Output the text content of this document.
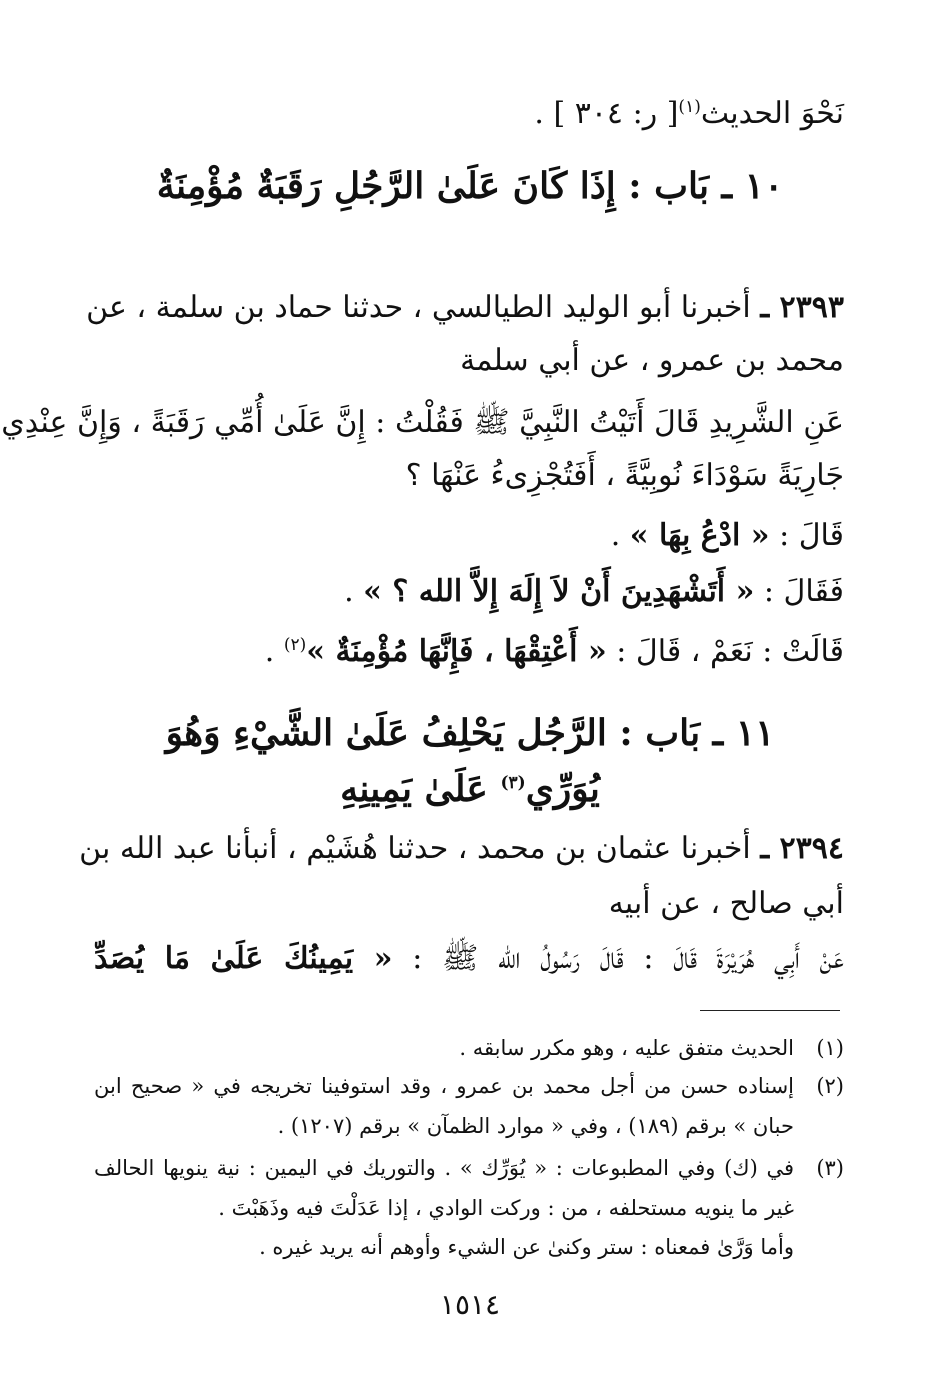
نَحْوَ الحديث$^{(١)}$[ ر: ٣٠٤ ] .
١٠ ـ بَاب : إِذَا كَانَ عَلَىٰ الرَّجُلِ رَقَبَةٌ مُؤْمِنَةٌ
٢٣٩٣ ـ أخبرنا أبو الوليد الطيالسي ، حدثنا حماد بن سلمة ، عن
محمد بن عمرو ، عن أبي سلمة
عَنِ الشَّرِيدِ قَالَ أَتَيْتُ النَّبِيَّ ﷺ فَقُلْتُ : إِنَّ عَلَىٰ أُمِّي رَقَبَةً ، وَإِنَّ عِنْدِي
جَارِيَةً سَوْدَاءَ نُوبِيَّةً ، أَفَتُجْزِىءُ عَنْهَا ؟
قَالَ : « ادْعُ بِهَا » .
فَقَالَ : « أَتَشْهَدِينَ أَنْ لاَ إِلَهَ إِلاَّ الله ؟ » .
قَالَتْ : نَعَمْ ، قَالَ : « أَعْتِقْهَا ، فَإِنَّهَا مُؤْمِنَةٌ »$^{(٢)}$ .
١١ ـ بَاب : الرَّجُل يَحْلِفُ عَلَىٰ الشَّيْءِ وَهُوَ
يُوَرِّي$^{(٣)}$ عَلَىٰ يَمِينِهِ
٢٣٩٤ ـ أخبرنا عثمان بن محمد ، حدثنا هُشَيْم ، أنبأنا عبد الله بن
أبي صالح ، عن أبيه
عَنْ أَبِي هُرَيْرَةَ قَالَ : قَالَ رَسُولُ الله ﷺ : « يَمِينُكَ عَلَىٰ مَا يُصَدِّ
(١)
الحديث متفق عليه ، وهو مكرر سابقه .
(٢)
إسناده حسن من أجل محمد بن عمرو ، وقد استوفينا تخريجه في « صحيح ابن
حبان » برقم (١٨٩) ، وفي « موارد الظمآن » برقم (١٢٠٧) .
(٣)
في (ك) وفي المطبوعات : « يُوَرِّك » . والتوريك في اليمين : نية ينويها الحالف
غير ما ينويه مستحلفه ، من : وركت الوادي ، إذا عَدَلْتَ فيه وذَهَبْتَ .
وأما وَرَّىٰ فمعناه : ستر وكنىٰ عن الشيء وأوهم أنه يريد غيره .
١٥١٤
